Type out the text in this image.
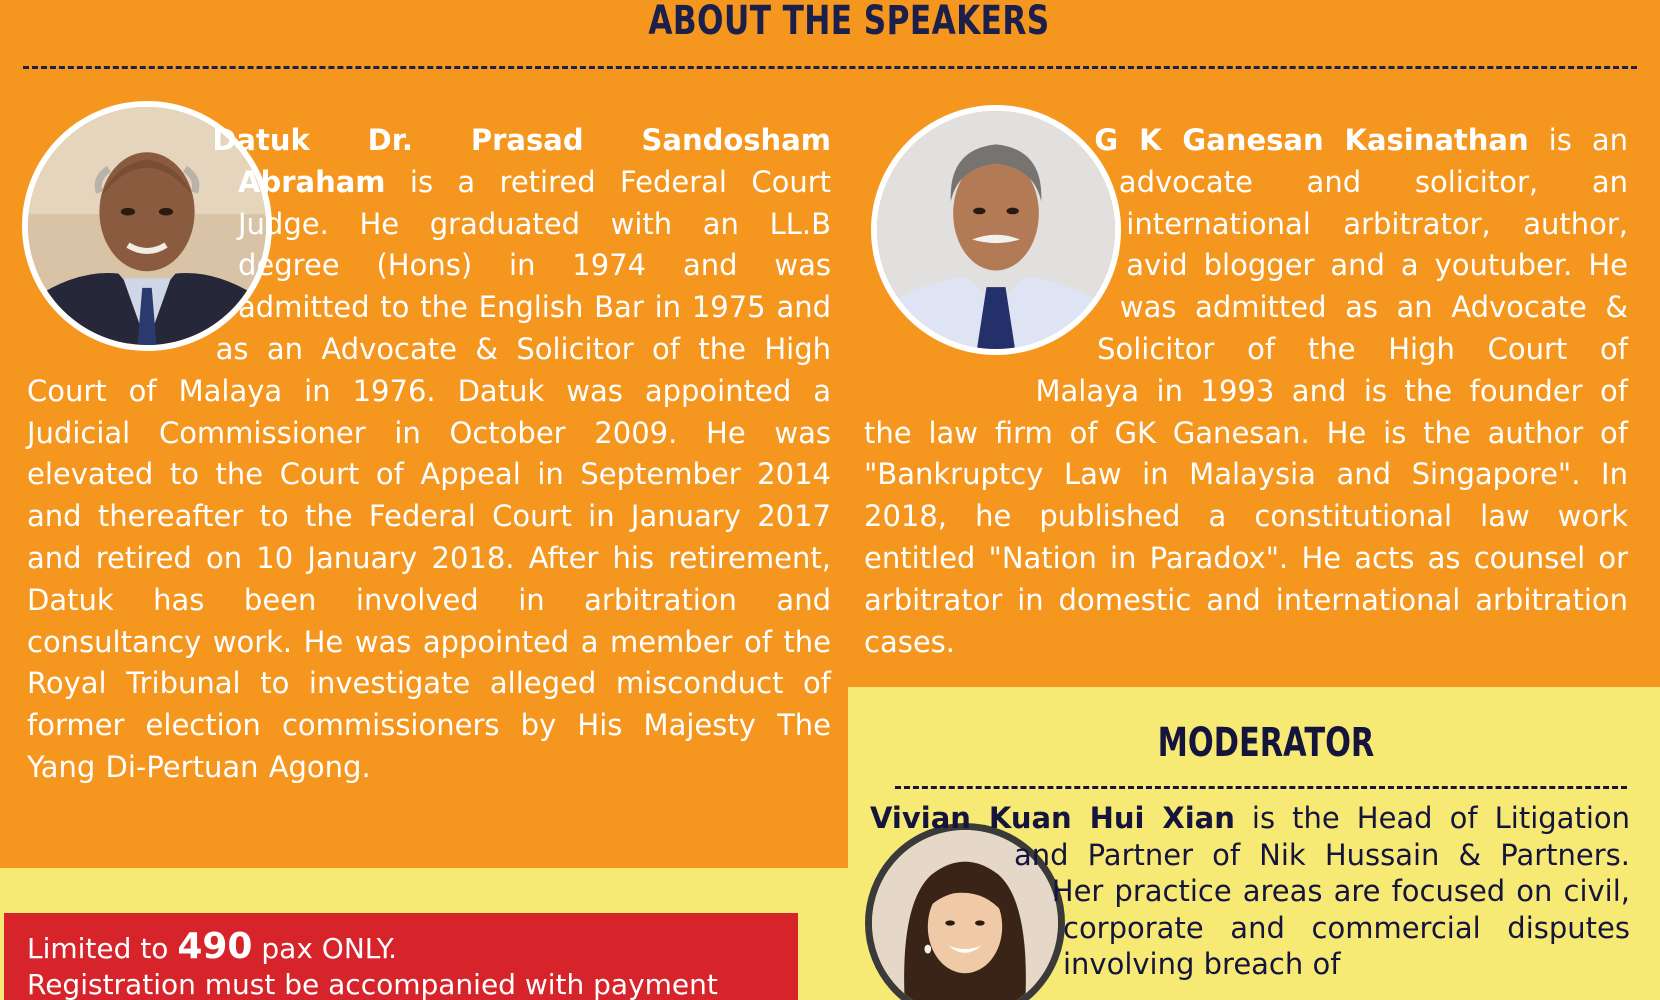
ABOUT THE SPEAKERS
Datuk Dr. Prasad Sandosham Abraham is a retired Federal Court Judge. He graduated with an LL.B degree (Hons) in 1974 and was admitted to the English Bar in 1975 and as an Advocate & Solicitor of the High Court of Malaya in 1976. Datuk was appointed a Judicial Commissioner in October 2009. He was elevated to the Court of Appeal in September 2014 and thereafter to the Federal Court in January 2017 and retired on 10 January 2018. After his retirement, Datuk has been involved in arbitration and consultancy work. He was appointed a member of the Royal Tribunal to investigate alleged misconduct of former election commissioners by His Majesty The Yang Di-Pertuan Agong.
G K Ganesan Kasinathan is an advocate and solicitor, an international arbitrator, author, avid blogger and a youtuber. He was admitted as an Advocate & Solicitor of the High Court of Malaya in 1993 and is the founder of the law firm of GK Ganesan. He is the author of "Bankruptcy Law in Malaysia and Singapore". In 2018, he published a constitutional law work entitled "Nation in Paradox". He acts as counsel or arbitrator in domestic and international arbitration cases.
MODERATOR
Vivian Kuan Hui Xian is the Head of Litigation and Partner of Nik Hussain & Partners. Her practice areas are focused on civil, corporate and commercial disputes involving breach of
Limited to 490 pax ONLY.
Registration must be accompanied with payment
